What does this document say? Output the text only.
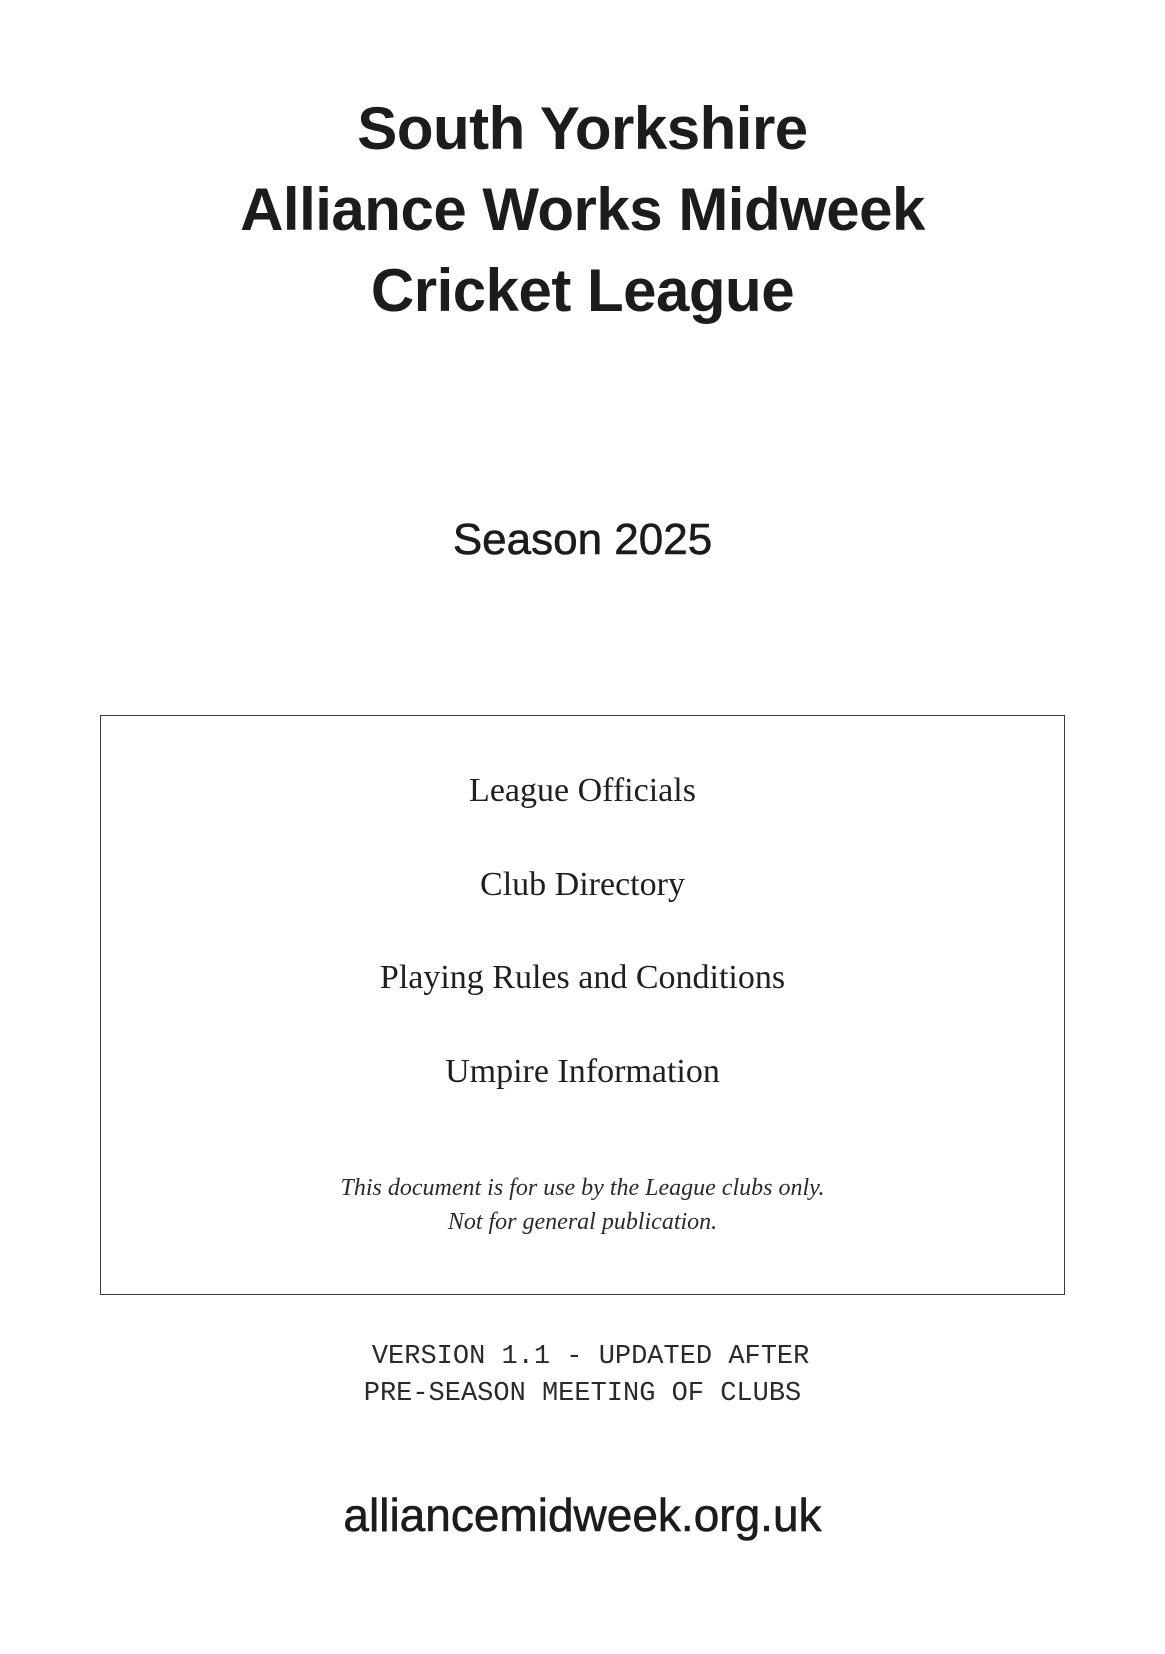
South Yorkshire
Alliance Works Midweek
Cricket League
Season 2025
League Officials
Club Directory
Playing Rules and Conditions
Umpire Information
This document is for use by the League clubs only.
Not for general publication.
VERSION 1.1 - UPDATED AFTER
PRE-SEASON MEETING OF CLUBS
alliancemidweek.org.uk
